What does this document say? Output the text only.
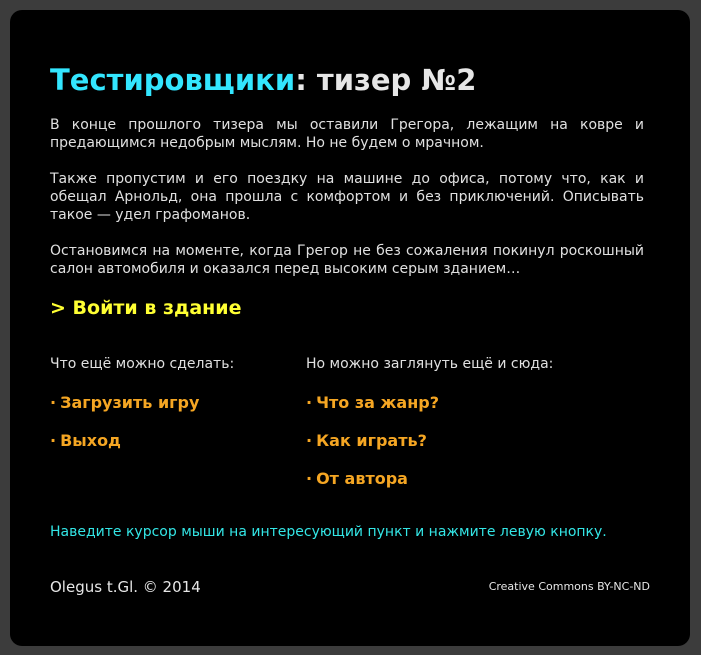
Тестировщики: тизер №2

В конце прошлого тизера мы оставили Грегора, лежащим на ковре и предающимся недобрым мыслям. Но не будем о мрачном.

Также пропустим и его поездку на машине до офиса, потому что, как и обещал Арнольд, она прошла с комфортом и без приключений. Описывать такое — удел графоманов.

Остановимся на моменте, когда Грегор не без сожаления покинул роскошный салон автомобиля и оказался перед высоким серым зданием…

> Войти в здание
Что ещё можно сделать:	Но можно заглянуть ещё и сюда:
· Загрузить игру
· Выход
· Что за жанр?
· Как играть?
· От автора
Наведите курсор мыши на интересующий пункт и нажмите левую кнопку.
Olegus t.Gl. © 2014	Creative Commons BY-NC-ND
